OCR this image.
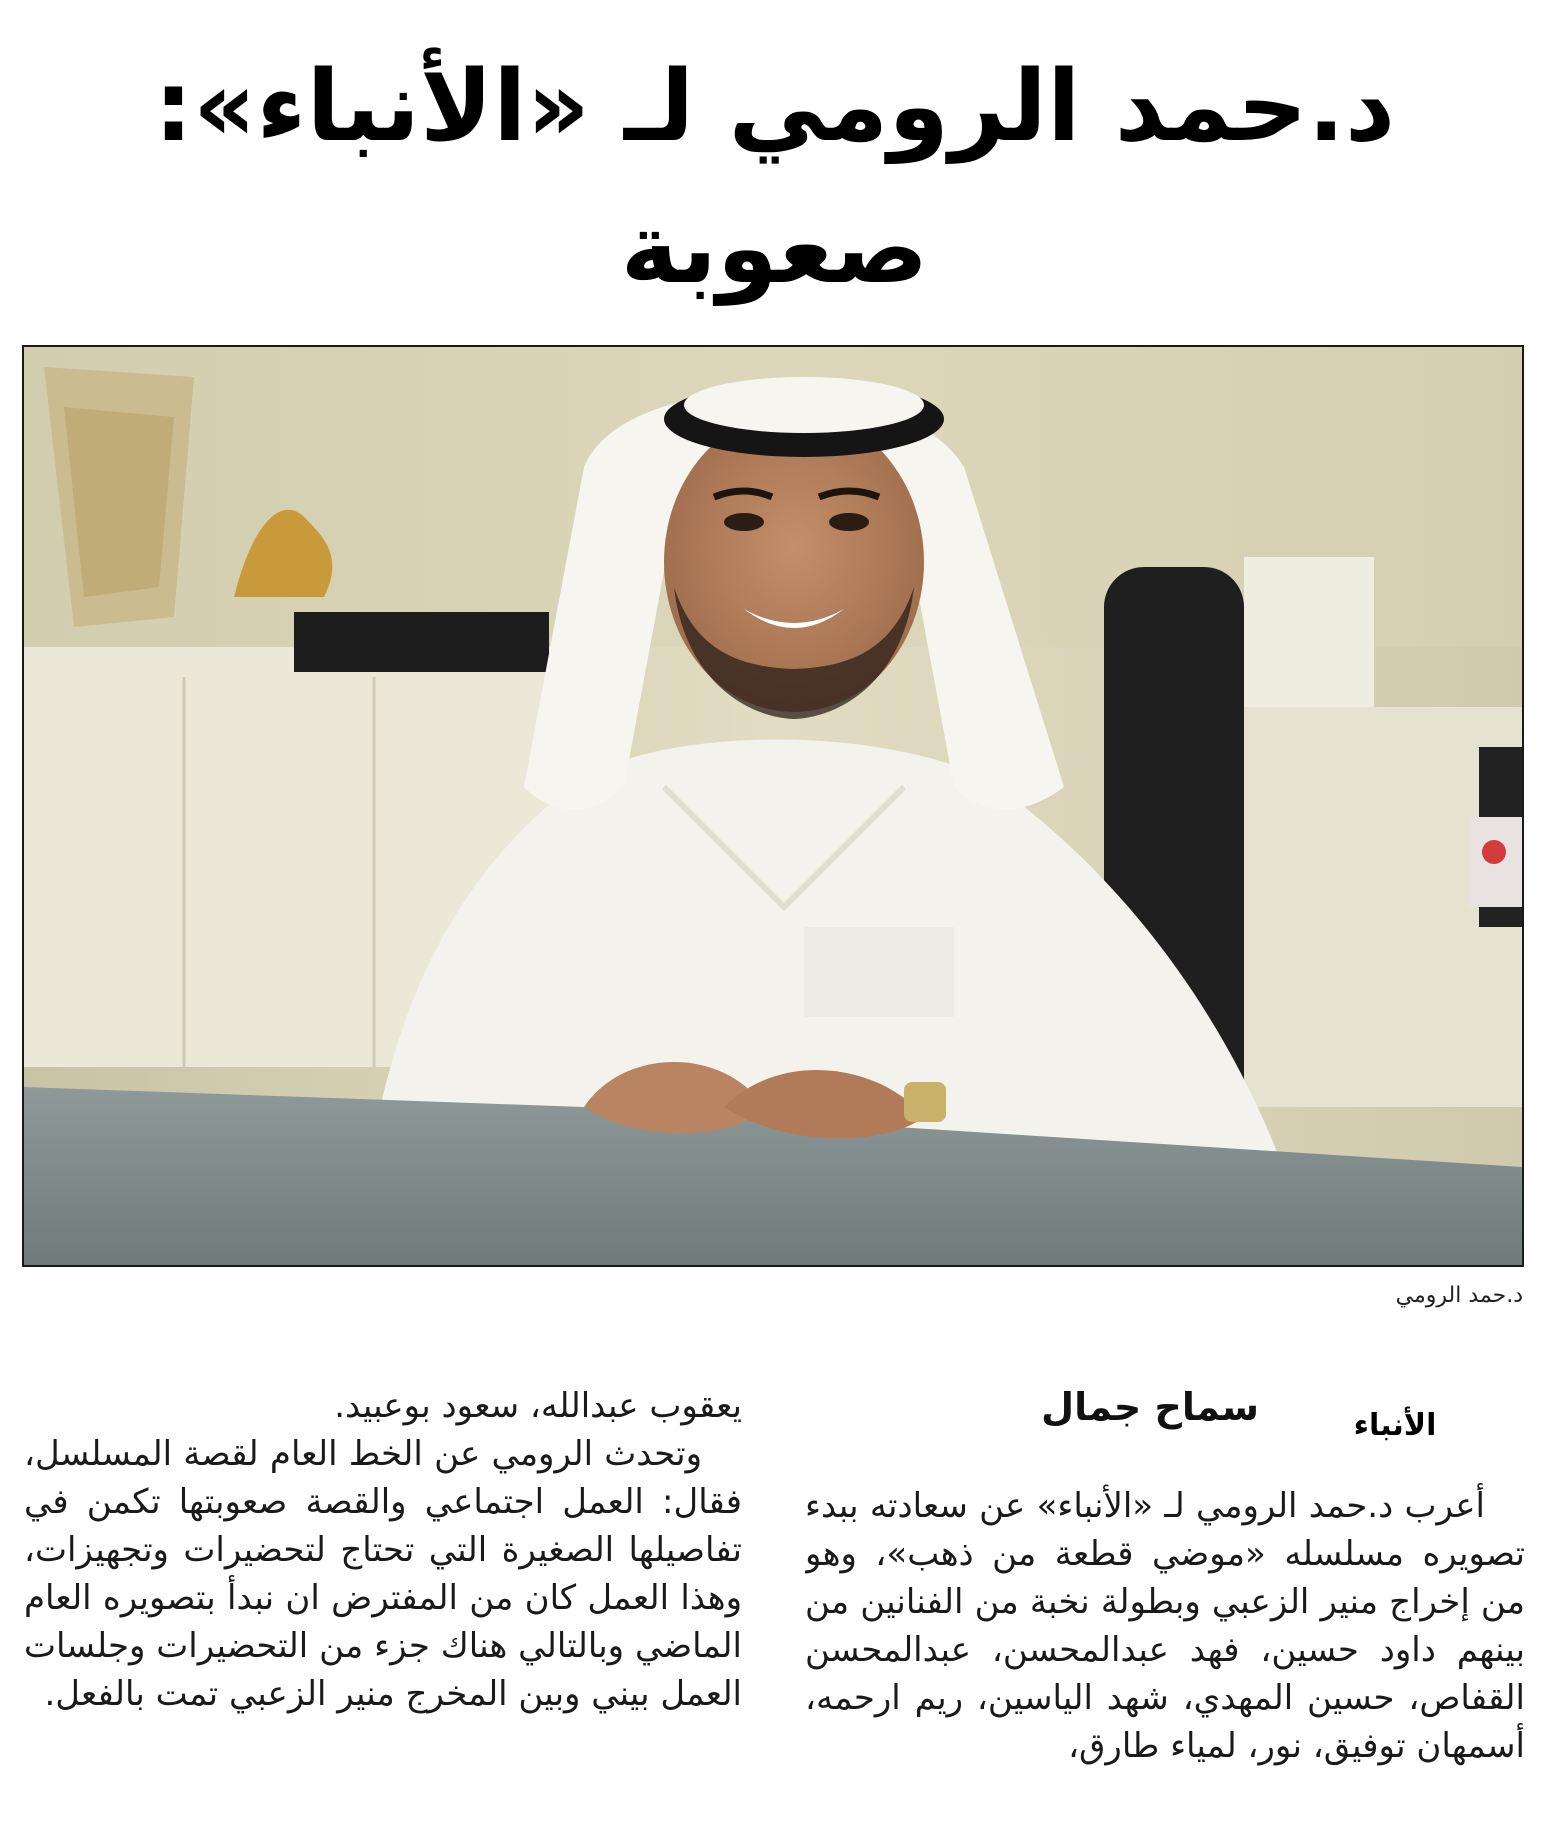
د.حمد الرومي لـ «الأنباء»: صعوبة
د.حمد الرومي
الأنباء
سماح جمال

أعرب د.حمد الرومي لـ «الأنباء» عن سعادته ببدء تصويره مسلسله «موضي قطعة من ذهب»، وهو من إخراج منير الزعبي وبطولة نخبة من الفنانين من بينهم داود حسين، فهد عبدالمحسن، عبدالمحسن القفاص، حسين المهدي، شهد الياسين، ريم ارحمه، أسمهان توفيق، نور، لمياء طارق،

يعقوب عبدالله، سعود بوعبيد.

وتحدث الرومي عن الخط العام لقصة المسلسل، فقال: العمل اجتماعي والقصة صعوبتها تكمن في تفاصيلها الصغيرة التي تحتاج لتحضيرات وتجهيزات، وهذا العمل كان من المفترض ان نبدأ بتصويره العام الماضي وبالتالي هناك جزء من التحضيرات وجلسات العمل بيني وبين المخرج منير الزعبي تمت بالفعل.
